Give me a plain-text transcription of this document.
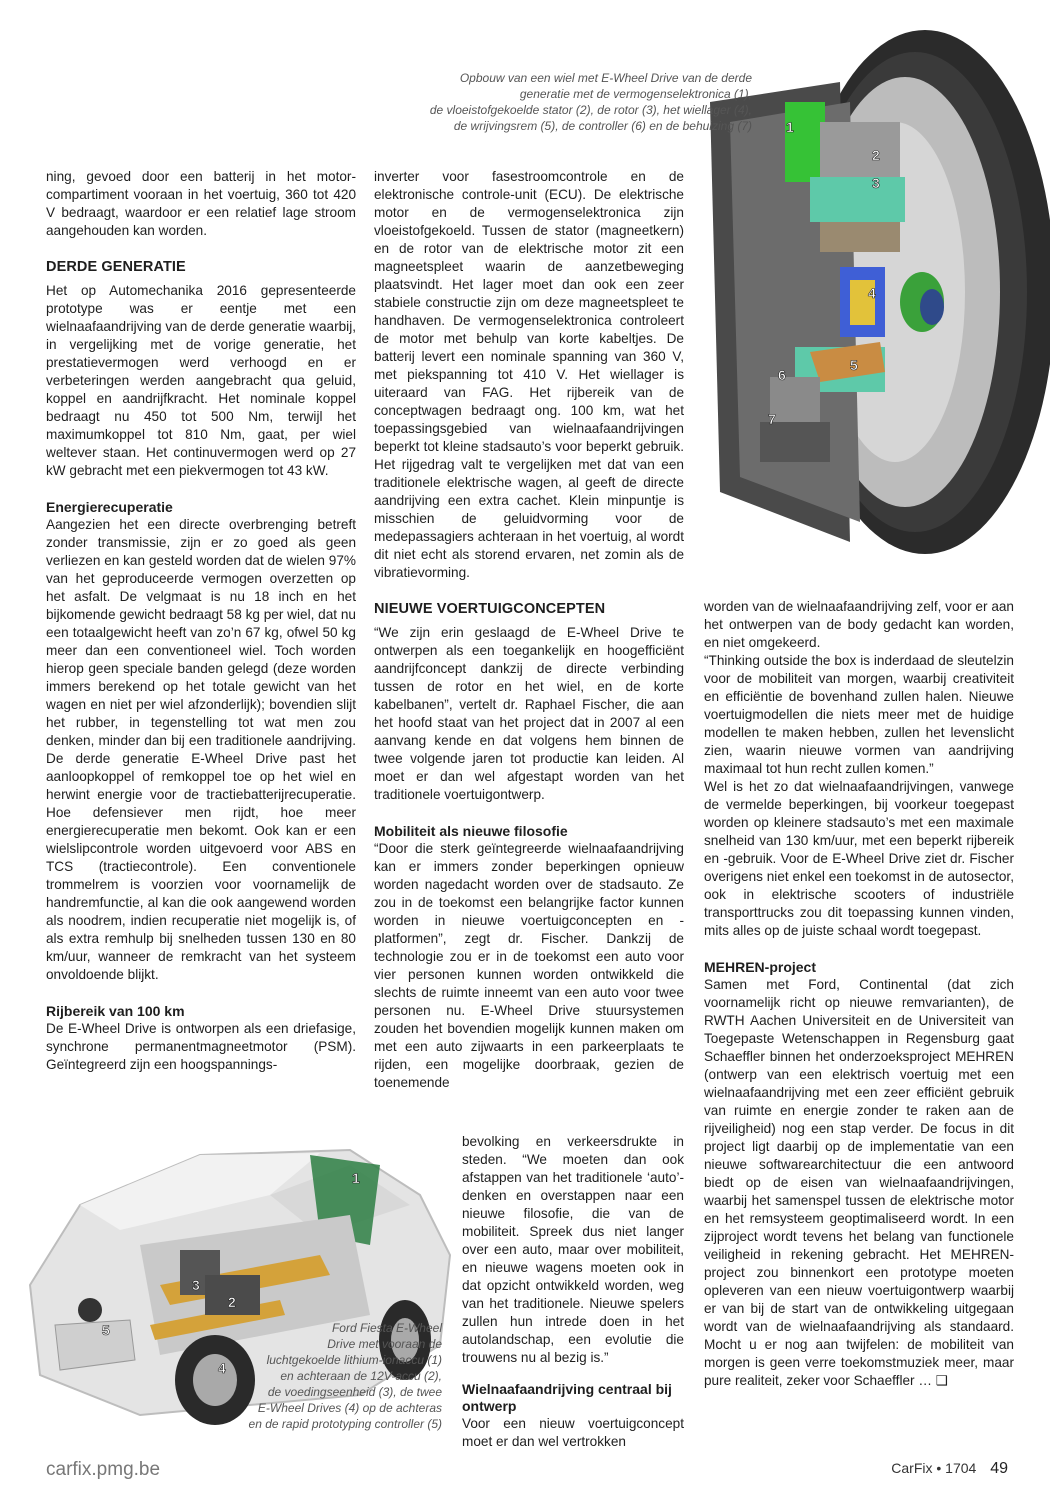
1
2
3
4
5
6
7
Opbouw van een wiel met E-Wheel Drive van de derde
generatie met de vermogenselektronica (1),
de vloeistofgekoelde stator (2), de rotor (3), het wiellager (4),
de wrijvingsrem (5), de controller (6) en de behuizing (7)

ning, gevoed door een batterij in het motor-compartiment vooraan in het voertuig, 360 tot 420 V bedraagt, waardoor er een relatief lage stroom aangehouden kan worden.

DERDE GENERATIE

Het op Automechanika 2016 gepresenteerde prototype was er eentje met een wielnaafaandrijving van de derde generatie waarbij, in vergelijking met de vorige generatie, het prestatievermogen werd verhoogd en er verbeteringen werden aangebracht qua geluid, koppel en aandrijfkracht. Het nominale koppel bedraagt nu 450 tot 500 Nm, terwijl het maximumkoppel tot 810 Nm, gaat, per wiel weltever staan. Het continuvermogen werd op 27 kW gebracht met een piekvermogen tot 43 kW.

Energierecuperatie

Aangezien het een directe overbrenging betreft zonder transmissie, zijn er zo goed als geen verliezen en kan gesteld worden dat de wielen 97% van het geproduceerde vermogen overzetten op het asfalt. De velgmaat is nu 18 inch en het bijkomende gewicht bedraagt 58 kg per wiel, dat nu een totaalgewicht heeft van zo’n 67 kg, ofwel 50 kg meer dan een conventioneel wiel. Toch worden hierop geen speciale banden gelegd (deze worden immers berekend op het totale gewicht van het wagen en niet per wiel afzonderlijk); bovendien slijt het rubber, in tegenstelling tot wat men zou denken, minder dan bij een traditionele aandrijving. De derde generatie E-Wheel Drive past het aanloopkoppel of remkoppel toe op het wiel en herwint energie voor de tractiebatterijrecuperatie. Hoe defensiever men rijdt, hoe meer energierecuperatie men bekomt. Ook kan er een wielslipcontrole worden uitgevoerd voor ABS en TCS (tractiecontrole). Een conventionele trommelrem is voorzien voor voornamelijk de handremfunctie, al kan die ook aangewend worden als noodrem, indien recuperatie niet mogelijk is, of als extra remhulp bij snelheden tussen 130 en 80 km/uur, wanneer de remkracht van het systeem onvoldoende blijkt.

Rijbereik van 100 km

De E-Wheel Drive is ontworpen als een driefasige, synchrone permanentmagneetmotor (PSM). Geïntegreerd zijn een hoogspannings-

inverter voor fasestroomcontrole en de elektronische controle-unit (ECU). De elektrische motor en de vermogenselektronica zijn vloeistofgekoeld. Tussen de stator (magneetkern) en de rotor van de elektrische motor zit een magneetspleet waarin de aanzetbeweging plaatsvindt. Het lager moet dan ook een zeer stabiele constructie zijn om deze magneetspleet te handhaven. De vermogenselektronica controleert de motor met behulp van korte kabeltjes. De batterij levert een nominale spanning van 360 V, met piekspanning tot 410 V. Het wiellager is uiteraard van FAG. Het rijbereik van de conceptwagen bedraagt ong. 100 km, wat het toepassingsgebied van wielnaafaandrijvingen beperkt tot kleine stadsauto’s voor beperkt gebruik. Het rijgedrag valt te vergelijken met dat van een traditionele elektrische wagen, al geeft de directe aandrijving een extra cachet. Klein minpuntje is misschien de geluidvorming voor de medepassagiers achteraan in het voertuig, al wordt dit niet echt als storend ervaren, net zomin als de vibratievorming.

NIEUWE VOERTUIGCONCEPTEN

“We zijn erin geslaagd de E-Wheel Drive te ontwerpen als een toegankelijk en hoogefficiënt aandrijfconcept dankzij de directe verbinding tussen de rotor en het wiel, en de korte kabelbanen”, vertelt dr. Raphael Fischer, die aan het hoofd staat van het project dat in 2007 al een aanvang kende en dat volgens hem binnen de twee volgende jaren tot productie kan leiden. Al moet er dan wel afgestapt worden van het traditionele voertuigontwerp.

Mobiliteit als nieuwe filosofie

“Door die sterk geïntegreerde wielnaafaandrijving kan er immers zonder beperkingen opnieuw worden nagedacht worden over de stadsauto. Ze zou in de toekomst een belangrijke factor kunnen worden in nieuwe voertuigconcepten en -platformen”, zegt dr. Fischer. Dankzij de technologie zou er in de toekomst een auto voor vier personen kunnen worden ontwikkeld die slechts de ruimte inneemt van een auto voor twee personen nu. E-Wheel Drive stuursystemen zouden het bovendien mogelijk kunnen maken om met een auto zijwaarts in een parkeerplaats te rijden, een mogelijke doorbraak, gezien de toenemende

bevolking en verkeersdrukte in steden. “We moeten dan ook afstappen van het traditionele ‘auto’-denken en overstappen naar een nieuwe filosofie, die van de mobiliteit. Spreek dus niet langer over een auto, maar over mobiliteit, en nieuwe wagens moeten ook in dat opzicht ontwikkeld worden, weg van het traditionele. Nieuwe spelers zullen hun intrede doen in het autolandschap, een evolutie die trouwens nu al bezig is.”

Wielnaafaandrijving centraal bij ontwerp

Voor een nieuw voertuigconcept moet er dan wel vertrokken

worden van de wielnaafaandrijving zelf, voor er aan het ontwerpen van de body gedacht kan worden, en niet omgekeerd.

“Thinking outside the box is inderdaad de sleutelzin voor de mobiliteit van morgen, waarbij creativiteit en efficiëntie de bovenhand zullen halen. Nieuwe voertuigmodellen die niets meer met de huidige modellen te maken hebben, zullen het levenslicht zien, waarin nieuwe vormen van aandrijving maximaal tot hun recht zullen komen.”

Wel is het zo dat wielnaafaandrijvingen, vanwege de vermelde beperkingen, bij voorkeur toegepast worden op kleinere stadsauto’s met een maximale snelheid van 130 km/uur, met een beperkt rijbereik en -gebruik. Voor de E-Wheel Drive ziet dr. Fischer overigens niet enkel een toekomst in de autosector, ook in elektrische scooters of industriële transporttrucks zou dit toepassing kunnen vinden, mits alles op de juiste schaal wordt toegepast.

MEHREN-project

Samen met Ford, Continental (dat zich voornamelijk richt op nieuwe remvarianten), de RWTH Aachen Universiteit en de Universiteit van Toegepaste Wetenschappen in Regensburg gaat Schaeffler binnen het onderzoeksproject MEHREN (ontwerp van een elektrisch voertuig met een wielnaafaandrijving met een zeer efficiënt gebruik van ruimte en energie zonder te raken aan de rijveiligheid) nog een stap verder. De focus in dit project ligt daarbij op de implementatie van een nieuwe softwarearchitectuur die een antwoord biedt op de eisen van wielnaafaandrijvingen, waarbij het samenspel tussen de elektrische motor en het remsysteem geoptimaliseerd wordt. In een zijproject wordt tevens het belang van functionele veiligheid in rekening gebracht. Het MEHREN-project zou binnenkort een prototype moeten opleveren van een nieuw voertuigontwerp waarbij er van bij de start van de ontwikkeling uitgegaan wordt van de wielnaafaandrijving als standaard. Mocht u er nog aan twijfelen: de mobiliteit van morgen is geen verre toekomstmuziek meer, maar pure realiteit, zeker voor Schaeffler … ❑

1
2
3
4
5	Ford Fiesta E-Wheel
Drive met vooraan de
luchtgekoelde lithium-ionaccu (1)
en achteraan de 12V-accu (2),
de voedingseenheid (3), de twee
E-Wheel Drives (4) op de achteras
en de rapid prototyping controller (5)
carfix.pmg.be	CarFix • 1704 49
